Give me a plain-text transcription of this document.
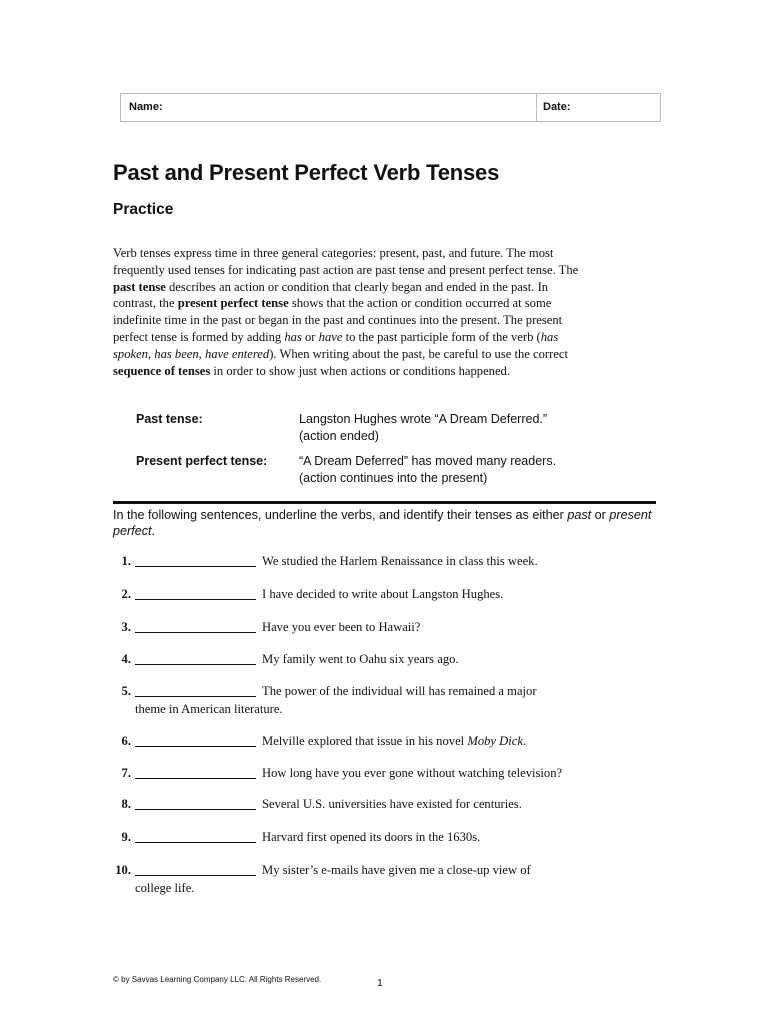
Name:	Date:
Past and Present Perfect Verb Tenses
Practice

Verb tenses express time in three general categories: present, past, and future. The most frequently used tenses for indicating past action are past tense and present perfect tense. The past tense describes an action or condition that clearly began and ended in the past. In contrast, the present perfect tense shows that the action or condition occurred at some indefinite time in the past or began in the past and continues into the present. The present perfect tense is formed by adding has or have to the past participle form of the verb (has spoken, has been, have entered). When writing about the past, be careful to use the correct sequence of tenses in order to show just when actions or conditions happened.

Past tense:	Langston Hughes wrote “A Dream Deferred.”
(action ended)
Present perfect tense:	“A Dream Deferred” has moved many readers.
(action continues into the present)

In the following sentences, underline the verbs, and identify their tenses as either past or present perfect.

1.	We studied the Harlem Renaissance in class this week.
2.	I have decided to write about Langston Hughes.
3.	Have you ever been to Hawaii?
4.	My family went to Oahu six years ago.
5.	The power of the individual will has remained a major
theme in American literature.
6.	Melville explored that issue in his novel Moby Dick.
7.	How long have you ever gone without watching television?
8.	Several U.S. universities have existed for centuries.
9.	Harvard first opened its doors in the 1630s.
10.	My sister’s e-mails have given me a close-up view of
college life.
© by Savvas Learning Company LLC. All Rights Reserved.	1
